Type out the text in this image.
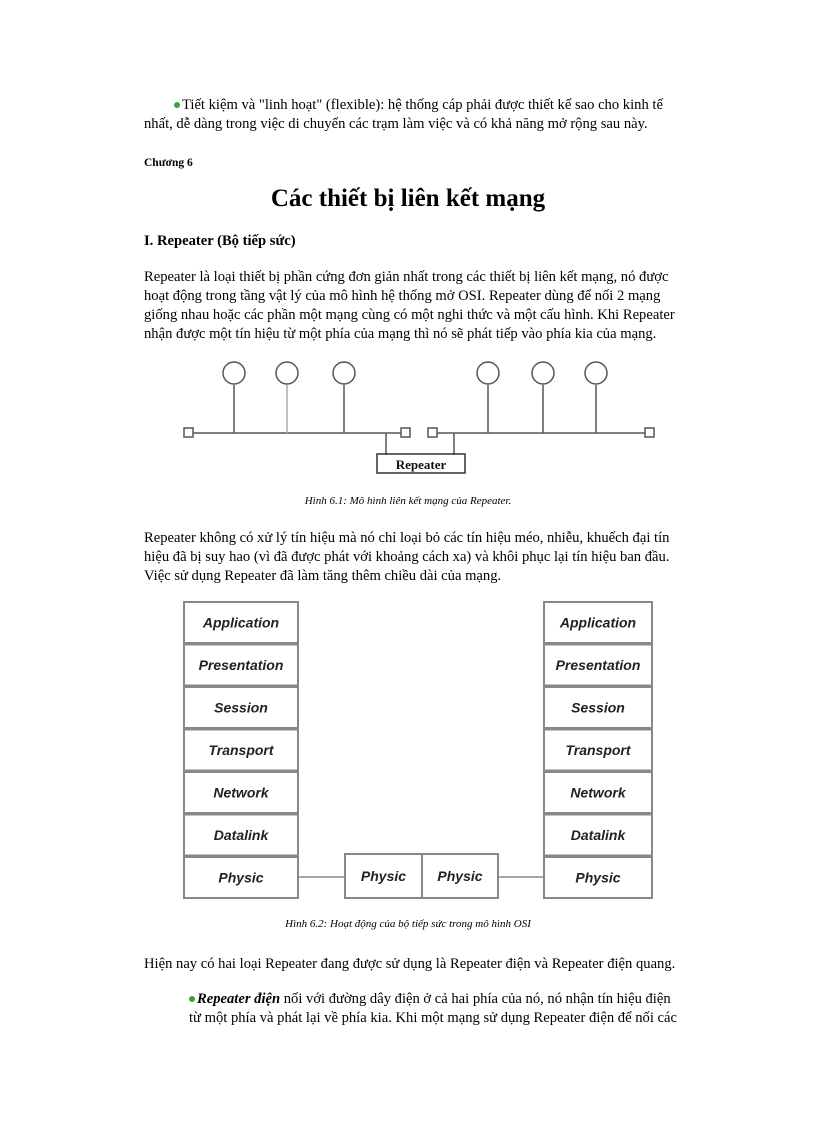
Tiết kiệm và "linh hoạt" (flexible): hệ thống cáp phải được thiết kế sao cho kinh tế
nhất, dễ dàng trong việc di chuyển các trạm làm việc và có khả năng mở rộng sau này.
Chương 6
Các thiết bị liên kết mạng
I. Repeater (Bộ tiếp sức)
Repeater là loại thiết bị phần cứng đơn giản nhất trong các thiết bị liên kết mạng, nó được
hoạt động trong tầng vật lý của mô hình hệ thống mở OSI. Repeater dùng để nối 2 mạng
giống nhau hoặc các phần một mạng cùng có một nghi thức và một cấu hình. Khi Repeater
nhận được một tín hiệu từ một phía của mạng thì nó sẽ phát tiếp vào phía kia của mạng.
Repeater
Hình 6.1: Mô hình liên kết mạng của Repeater.
Repeater không có xử lý tín hiệu mà nó chỉ loại bỏ các tín hiệu méo, nhiễu, khuếch đại tín
hiệu đã bị suy hao (vì đã được phát với khoảng cách xa) và khôi phục lại tín hiệu ban đầu.
Việc sử dụng Repeater đã làm tăng thêm chiều dài của mạng.
Application	Application
Presentation	Presentation
Session	Session
Transport	Transport
Network	Network
Datalink	Datalink
Physic	Physic
Physic Physic
Hình 6.2: Hoạt động của bộ tiếp sức trong mô hình OSI
Hiện nay có hai loại Repeater đang được sử dụng là Repeater điện và Repeater điện quang.
Repeater điện nối với đường dây điện ở cả hai phía của nó, nó nhận tín hiệu điện
từ một phía và phát lại về phía kia. Khi một mạng sử dụng Repeater điện để nối các
